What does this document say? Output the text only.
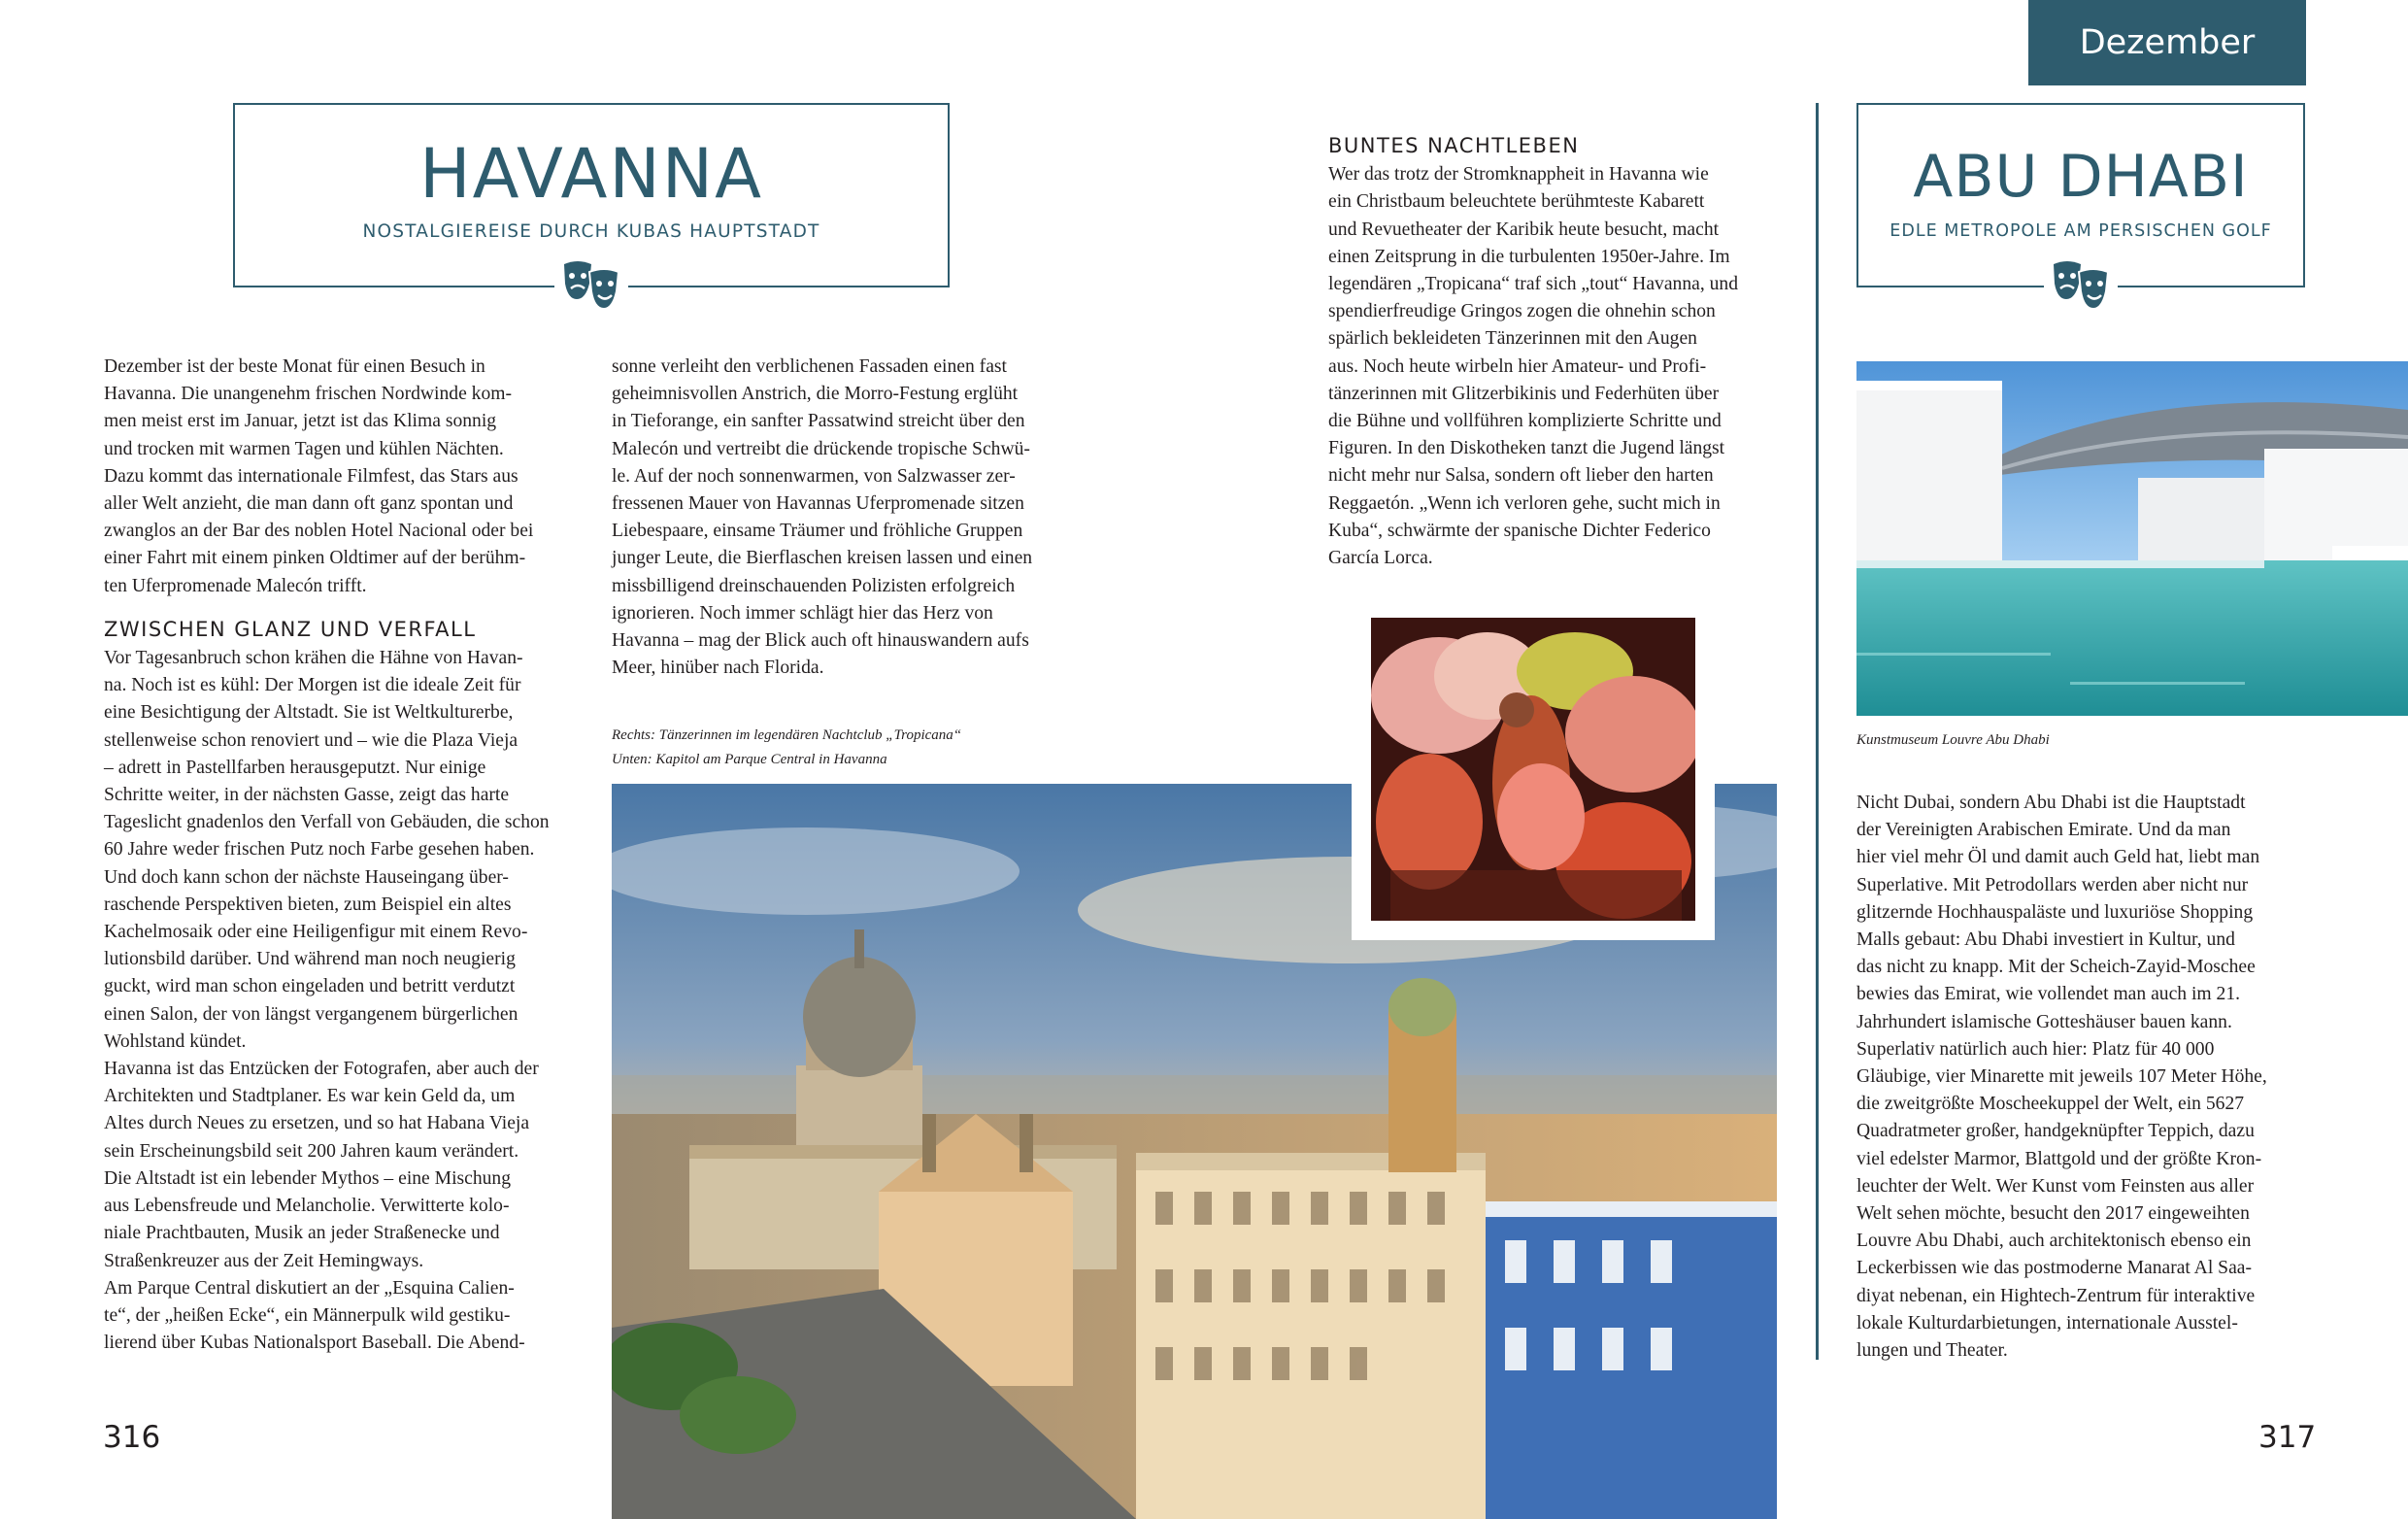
Dezember
HAVANNA
NOSTALGIEREISE DURCH KUBAS HAUPTSTADT

Dezember ist der beste Monat für einen Besuch in

Havanna. Die unangenehm frischen Nordwinde kom-

men meist erst im Januar, jetzt ist das Klima sonnig

und trocken mit warmen Tagen und kühlen Nächten.

Dazu kommt das internationale Filmfest, das Stars aus

aller Welt anzieht, die man dann oft ganz spontan und

zwanglos an der Bar des noblen Hotel Nacional oder bei

einer Fahrt mit einem pinken Oldtimer auf der berühm-

ten Uferpromenade Malecón trifft.

ZWISCHEN GLANZ UND VERFALL

Vor Tagesanbruch schon krähen die Hähne von Havan-

na. Noch ist es kühl: Der Morgen ist die ideale Zeit für

eine Besichtigung der Altstadt. Sie ist Weltkulturerbe,

stellenweise schon renoviert und – wie die Plaza Vieja

– adrett in Pastellfarben herausgeputzt. Nur einige

Schritte weiter, in der nächsten Gasse, zeigt das harte

Tageslicht gnadenlos den Verfall von Gebäuden, die schon

60 Jahre weder frischen Putz noch Farbe gesehen haben.

Und doch kann schon der nächste Hauseingang über-

raschende Perspektiven bieten, zum Beispiel ein altes

Kachelmosaik oder eine Heiligenfigur mit einem Revo-

lutionsbild darüber. Und während man noch neugierig

guckt, wird man schon eingeladen und betritt verdutzt

einen Salon, der von längst vergangenem bürgerlichen

Wohlstand kündet.

Havanna ist das Entzücken der Fotografen, aber auch der

Architekten und Stadtplaner. Es war kein Geld da, um

Altes durch Neues zu ersetzen, und so hat Habana Vieja

sein Erscheinungsbild seit 200 Jahren kaum verändert.

Die Altstadt ist ein lebender Mythos – eine Mischung

aus Lebensfreude und Melancholie. Verwitterte kolo-

niale Prachtbauten, Musik an jeder Straßenecke und

Straßenkreuzer aus der Zeit Hemingways.

Am Parque Central diskutiert an der „Esquina Calien-

te“, der „heißen Ecke“, ein Männerpulk wild gestiku-

lierend über Kubas Nationalsport Baseball. Die Abend-

sonne verleiht den verblichenen Fassaden einen fast

geheimnisvollen Anstrich, die Morro-Festung erglüht

in Tieforange, ein sanfter Passatwind streicht über den

Malecón und vertreibt die drückende tropische Schwü-

le. Auf der noch sonnenwarmen, von Salzwasser zer-

fressenen Mauer von Havannas Uferpromenade sitzen

Liebespaare, einsame Träumer und fröhliche Gruppen

junger Leute, die Bierflaschen kreisen lassen und einen

missbilligend dreinschauenden Polizisten erfolgreich

ignorieren. Noch immer schlägt hier das Herz von

Havanna – mag der Blick auch oft hinauswandern aufs

Meer, hinüber nach Florida.

Rechts: Tänzerinnen im legendären Nachtclub „Tropicana“
Unten: Kapitol am Parque Central in Havanna
BUNTES NACHTLEBEN

Wer das trotz der Stromknappheit in Havanna wie

ein Christbaum beleuchtete berühmteste Kabarett

und Revuetheater der Karibik heute besucht, macht

einen Zeitsprung in die turbulenten 1950er-Jahre. Im

legendären „Tropicana“ traf sich „tout“ Havanna, und

spendierfreudige Gringos zogen die ohnehin schon

spärlich bekleideten Tänzerinnen mit den Augen

aus. Noch heute wirbeln hier Amateur- und Profi-

tänzerinnen mit Glitzerbikinis und Federhüten über

die Bühne und vollführen komplizierte Schritte und

Figuren. In den Diskotheken tanzt die Jugend längst

nicht mehr nur Salsa, sondern oft lieber den harten

Reggaetón. „Wenn ich verloren gehe, sucht mich in

Kuba“, schwärmte der spanische Dichter Federico

García Lorca.

316
ABU DHABI
EDLE METROPOLE AM PERSISCHEN GOLF
Kunstmuseum Louvre Abu Dhabi

Nicht Dubai, sondern Abu Dhabi ist die Hauptstadt

der Vereinigten Arabischen Emirate. Und da man

hier viel mehr Öl und damit auch Geld hat, liebt man

Superlative. Mit Petrodollars werden aber nicht nur

glitzernde Hochhauspaläste und luxuriöse Shopping

Malls gebaut: Abu Dhabi investiert in Kultur, und

das nicht zu knapp. Mit der Scheich-Zayid-Moschee

bewies das Emirat, wie vollendet man auch im 21.

Jahrhundert islamische Gotteshäuser bauen kann.

Superlativ natürlich auch hier: Platz für 40 000

Gläubige, vier Minarette mit jeweils 107 Meter Höhe,

die zweitgrößte Moscheekuppel der Welt, ein 5627

Quadratmeter großer, handgeknüpfter Teppich, dazu

viel edelster Marmor, Blattgold und der größte Kron-

leuchter der Welt. Wer Kunst vom Feinsten aus aller

Welt sehen möchte, besucht den 2017 eingeweihten

Louvre Abu Dhabi, auch architektonisch ebenso ein

Leckerbissen wie das postmoderne Manarat Al Saa-

diyat nebenan, ein Hightech-Zentrum für interaktive

lokale Kulturdarbietungen, internationale Ausstel-

lungen und Theater.

317
